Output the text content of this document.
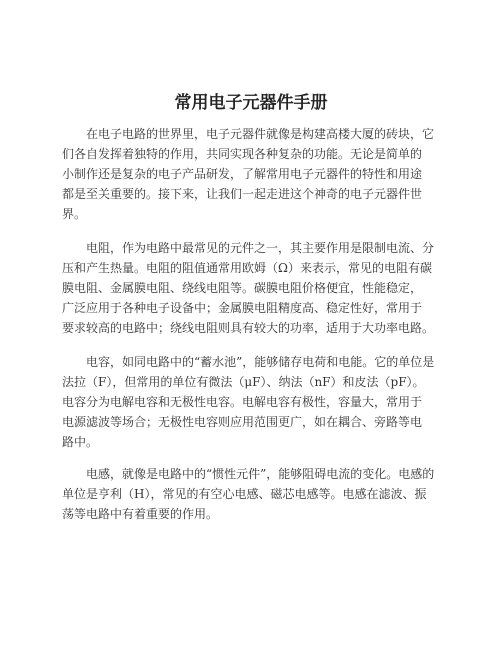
常用电子元器件手册
在电子电路的世界里，电子元器件就像是构建高楼大厦的砖块，它
们各自发挥着独特的作用，共同实现各种复杂的功能。无论是简单的
小制作还是复杂的电子产品研发，了解常用电子元器件的特性和用途
都是至关重要的。接下来，让我们一起走进这个神奇的电子元器件世
界。
电阻，作为电路中最常见的元件之一，其主要作用是限制电流、分
压和产生热量。电阻的阻值通常用欧姆（Ω）来表示，常见的电阻有碳
膜电阻、金属膜电阻、绕线电阻等。碳膜电阻价格便宜，性能稳定，
广泛应用于各种电子设备中；金属膜电阻精度高、稳定性好，常用于
要求较高的电路中；绕线电阻则具有较大的功率，适用于大功率电路。
电容，如同电路中的“蓄水池”，能够储存电荷和电能。它的单位是
法拉（F），但常用的单位有微法（μF）、纳法（nF）和皮法（pF）。
电容分为电解电容和无极性电容。电解电容有极性，容量大，常用于
电源滤波等场合；无极性电容则应用范围更广，如在耦合、旁路等电
路中。
电感，就像是电路中的“惯性元件”，能够阻碍电流的变化。电感的
单位是亨利（H），常见的有空心电感、磁芯电感等。电感在滤波、振
荡等电路中有着重要的作用。
